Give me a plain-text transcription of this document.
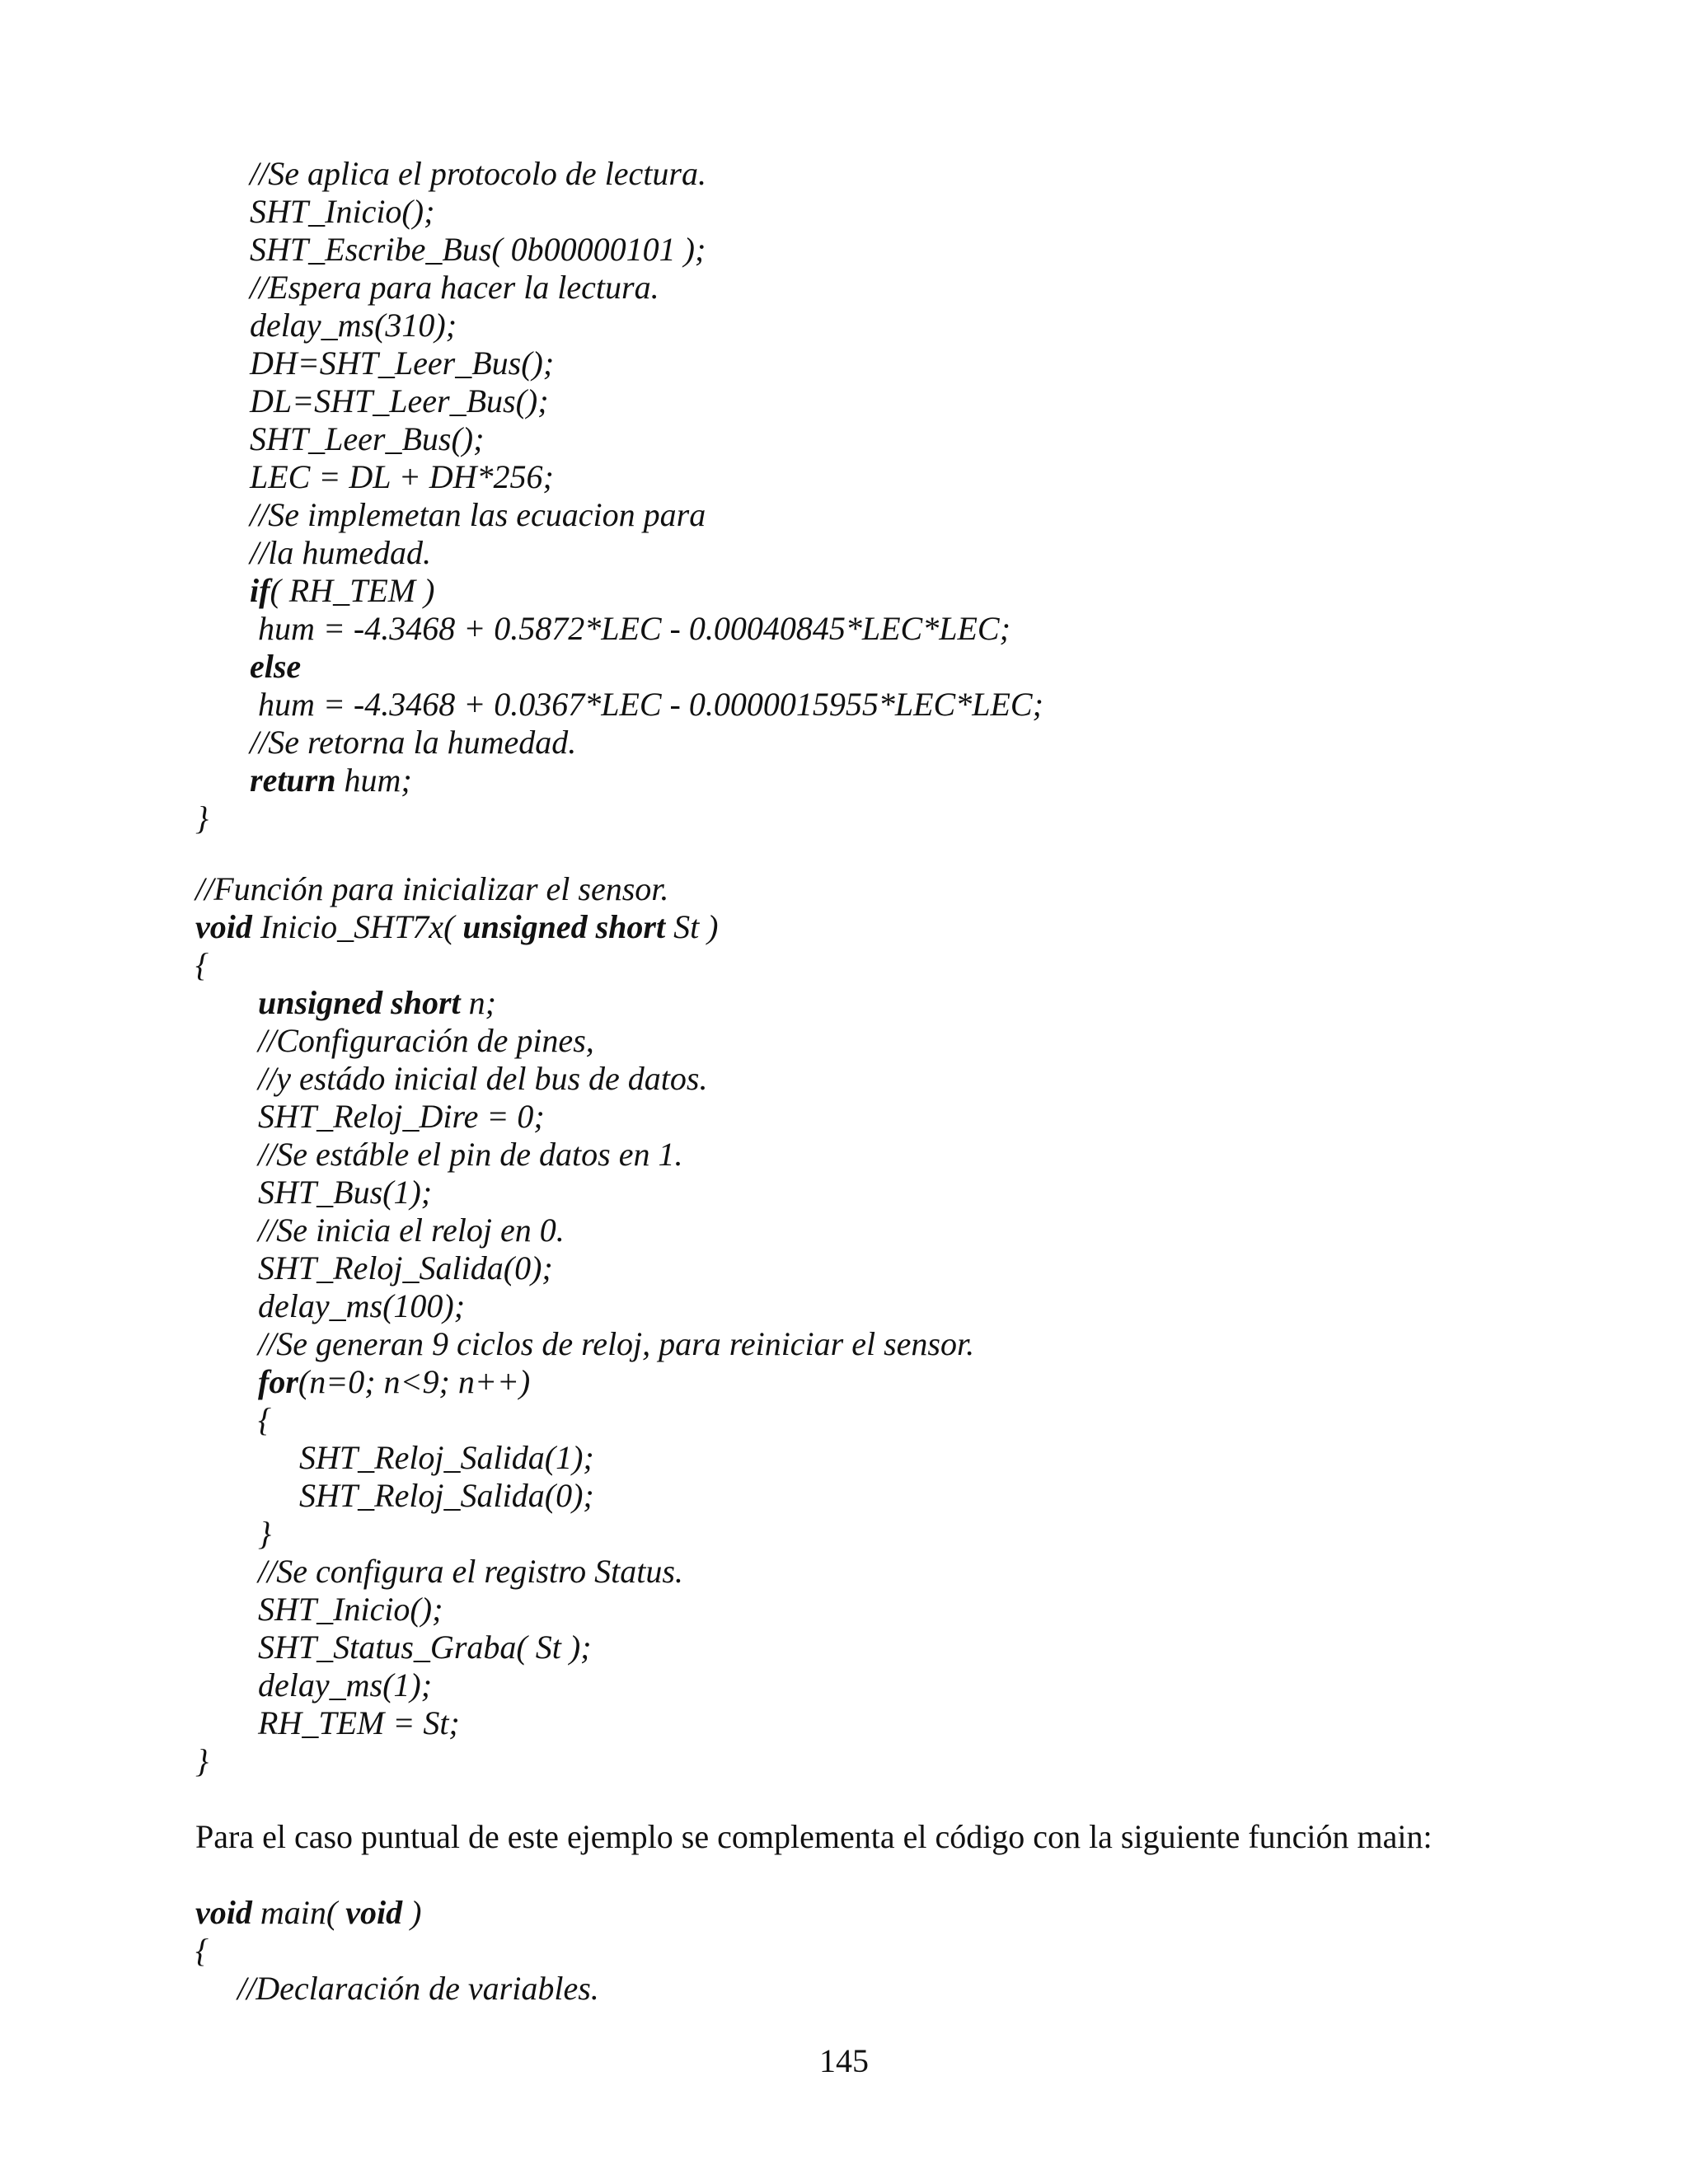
//Se aplica el protocolo de lectura.
SHT_Inicio();
SHT_Escribe_Bus( 0b00000101 );
//Espera para hacer la lectura.
delay_ms(310);
DH=SHT_Leer_Bus();
DL=SHT_Leer_Bus();
SHT_Leer_Bus();
LEC = DL + DH*256;
//Se implemetan las ecuacion para
//la humedad.
if( RH_TEM )
hum = -4.3468 + 0.5872*LEC - 0.00040845*LEC*LEC;
else
hum = -4.3468 + 0.0367*LEC - 0.0000015955*LEC*LEC;
//Se retorna la humedad.
return hum;
}
//Función para inicializar el sensor.
void Inicio_SHT7x( unsigned short St )
{
unsigned short n;
//Configuración de pines,
//y estádo inicial del bus de datos.
SHT_Reloj_Dire = 0;
//Se estáble el pin de datos en 1.
SHT_Bus(1);
//Se inicia el reloj en 0.
SHT_Reloj_Salida(0);
delay_ms(100);
//Se generan 9 ciclos de reloj, para reiniciar el sensor.
for(n=0; n<9; n++)
{
SHT_Reloj_Salida(1);
SHT_Reloj_Salida(0);
}
//Se configura el registro Status.
SHT_Inicio();
SHT_Status_Graba( St );
delay_ms(1);
RH_TEM = St;
}
Para el caso puntual de este ejemplo se complementa el código con la siguiente función main:
void main( void )
{
//Declaración de variables.
145
